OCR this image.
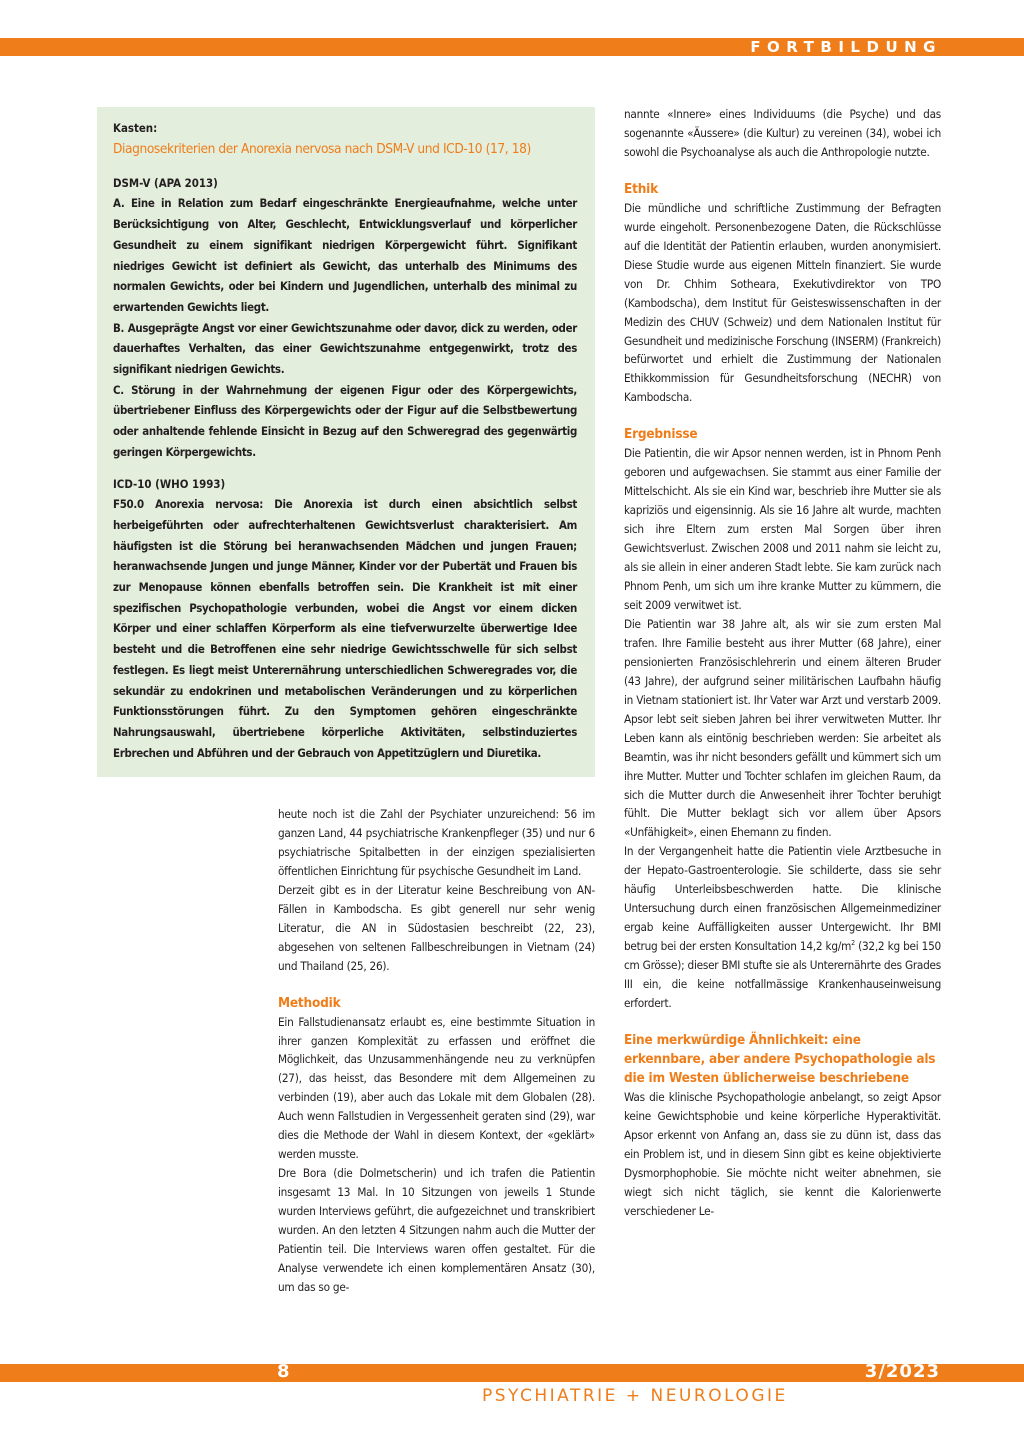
FORTBILDUNG
Kasten:
Diagnosekriterien der Anorexia nervosa nach DSM-V und ICD-10 (17, 18)
DSM-V (APA 2013)

A. Eine in Relation zum Bedarf eingeschränkte Energieaufnahme, welche unter Berücksichtigung von Alter, Geschlecht, Entwicklungsverlauf und körperlicher Gesundheit zu einem signifikant niedrigen Körpergewicht führt. Signifikant niedriges Gewicht ist definiert als Gewicht, das unterhalb des Minimums des normalen Gewichts, oder bei Kindern und Jugendlichen, unterhalb des minimal zu erwartenden Gewichts liegt.

B. Ausgeprägte Angst vor einer Gewichtszunahme oder davor, dick zu werden, oder dauerhaftes Verhalten, das einer Gewichtszunahme entgegenwirkt, trotz des signifikant niedrigen Gewichts.

C. Störung in der Wahrnehmung der eigenen Figur oder des Körpergewichts, übertriebener Einfluss des Körpergewichts oder der Figur auf die Selbstbewertung oder anhaltende fehlende Einsicht in Bezug auf den Schweregrad des gegenwärtig geringen Körpergewichts.

ICD-10 (WHO 1993)

F50.0 Anorexia nervosa: Die Anorexia ist durch einen absichtlich selbst herbeigeführten oder aufrechterhaltenen Gewichtsverlust charakterisiert. Am häufigsten ist die Störung bei heranwachsenden Mädchen und jungen Frauen; heranwachsende Jungen und junge Männer, Kinder vor der Pubertät und Frauen bis zur Menopause können ebenfalls betroffen sein. Die Krankheit ist mit einer spezifischen Psychopathologie verbunden, wobei die Angst vor einem dicken Körper und einer schlaffen Körperform als eine tiefverwurzelte überwertige Idee besteht und die Betroffenen eine sehr niedrige Gewichtsschwelle für sich selbst festlegen. Es liegt meist Unterernährung unterschiedlichen Schweregrades vor, die sekundär zu endokrinen und metabolischen Veränderungen und zu körperlichen Funktionsstörungen führt. Zu den Symptomen gehören eingeschränkte Nahrungsauswahl, übertriebene körperliche Aktivitäten, selbstinduziertes Erbrechen und Abführen und der Gebrauch von Appetitzüglern und Diuretika.

heute noch ist die Zahl der Psychiater unzureichend: 56 im ganzen Land, 44 psychiatrische Krankenpfleger (35) und nur 6 psychiatrische Spitalbetten in der einzigen spezialisierten öffentlichen Einrichtung für psychische Gesundheit im Land.

Derzeit gibt es in der Literatur keine Beschreibung von AN-Fällen in Kambodscha. Es gibt generell nur sehr wenig Literatur, die AN in Südostasien beschreibt (22, 23), abgesehen von seltenen Fallbeschreibungen in Vietnam (24) und Thailand (25, 26).

Methodik

Ein Fallstudienansatz erlaubt es, eine bestimmte Situation in ihrer ganzen Komplexität zu erfassen und eröffnet die Möglichkeit, das Unzusammenhängende neu zu verknüpfen (27), das heisst, das Besondere mit dem Allgemeinen zu verbinden (19), aber auch das Lokale mit dem Globalen (28). Auch wenn Fallstudien in Vergessenheit geraten sind (29), war dies die Methode der Wahl in diesem Kontext, der «geklärt» werden musste.

Dre Bora (die Dolmetscherin) und ich trafen die Patientin insgesamt 13 Mal. In 10 Sitzungen von jeweils 1 Stunde wurden Interviews geführt, die aufgezeichnet und transkribiert wurden. An den letzten 4 Sitzungen nahm auch die Mutter der Patientin teil. Die Interviews waren offen gestaltet. Für die Analyse verwendete ich einen komplementären Ansatz (30), um das so ge-

nannte «Innere» eines Individuums (die Psyche) und das sogenannte «Äussere» (die Kultur) zu vereinen (34), wobei ich sowohl die Psychoanalyse als auch die Anthropologie nutzte.

Ethik

Die mündliche und schriftliche Zustimmung der Befragten wurde eingeholt. Personenbezogene Daten, die Rückschlüsse auf die Identität der Patientin erlauben, wurden anonymisiert. Diese Studie wurde aus eigenen Mitteln finanziert. Sie wurde von Dr. Chhim Sotheara, Exekutivdirektor von TPO (Kambodscha), dem Institut für Geisteswissenschaften in der Medizin des CHUV (Schweiz) und dem Nationalen Institut für Gesundheit und medizinische Forschung (INSERM) (Frankreich) befürwortet und erhielt die Zustimmung der Nationalen Ethikkommission für Gesundheitsforschung (NECHR) von Kambodscha.

Ergebnisse

Die Patientin, die wir Apsor nennen werden, ist in Phnom Penh geboren und aufgewachsen. Sie stammt aus einer Familie der Mittelschicht. Als sie ein Kind war, beschrieb ihre Mutter sie als kapriziös und eigensinnig. Als sie 16 Jahre alt wurde, machten sich ihre Eltern zum ersten Mal Sorgen über ihren Gewichtsverlust. Zwischen 2008 und 2011 nahm sie leicht zu, als sie allein in einer anderen Stadt lebte. Sie kam zurück nach Phnom Penh, um sich um ihre kranke Mutter zu kümmern, die seit 2009 verwitwet ist.

Die Patientin war 38 Jahre alt, als wir sie zum ersten Mal trafen. Ihre Familie besteht aus ihrer Mutter (68 Jahre), einer pensionierten Französischlehrerin und einem älteren Bruder (43 Jahre), der aufgrund seiner militärischen Laufbahn häufig in Vietnam stationiert ist. Ihr Vater war Arzt und verstarb 2009. Apsor lebt seit sieben Jahren bei ihrer verwitweten Mutter. Ihr Leben kann als eintönig beschrieben werden: Sie arbeitet als Beamtin, was ihr nicht besonders gefällt und kümmert sich um ihre Mutter. Mutter und Tochter schlafen im gleichen Raum, da sich die Mutter durch die Anwesenheit ihrer Tochter beruhigt fühlt. Die Mutter beklagt sich vor allem über Apsors «Unfähigkeit», einen Ehemann zu finden.

In der Vergangenheit hatte die Patientin viele Arztbesuche in der Hepato-Gastroenterologie. Sie schilderte, dass sie sehr häufig Unterleibsbeschwerden hatte. Die klinische Untersuchung durch einen französischen Allgemeinmediziner ergab keine Auffälligkeiten ausser Untergewicht. Ihr BMI betrug bei der ersten Konsultation 14,2 $kg/m^2$ (32,2 kg bei 150 cm Grösse); dieser BMI stufte sie als Unterernährte des Grades III ein, die keine notfallmässige Krankenhauseinweisung erfordert.

Eine merkwürdige Ähnlichkeit: eine erkennbare, aber andere Psychopathologie als die im Westen üblicherweise beschriebene

Was die klinische Psychopathologie anbelangt, so zeigt Apsor keine Gewichtsphobie und keine körperliche Hyperaktivität. Apsor erkennt von Anfang an, dass sie zu dünn ist, dass das ein Problem ist, und in diesem Sinn gibt es keine objektivierte Dysmorphophobie. Sie möchte nicht weiter abnehmen, sie wiegt sich nicht täglich, sie kennt die Kalorienwerte verschiedener Le-

8	3/2023
PSYCHIATRIE + NEUROLOGIE
